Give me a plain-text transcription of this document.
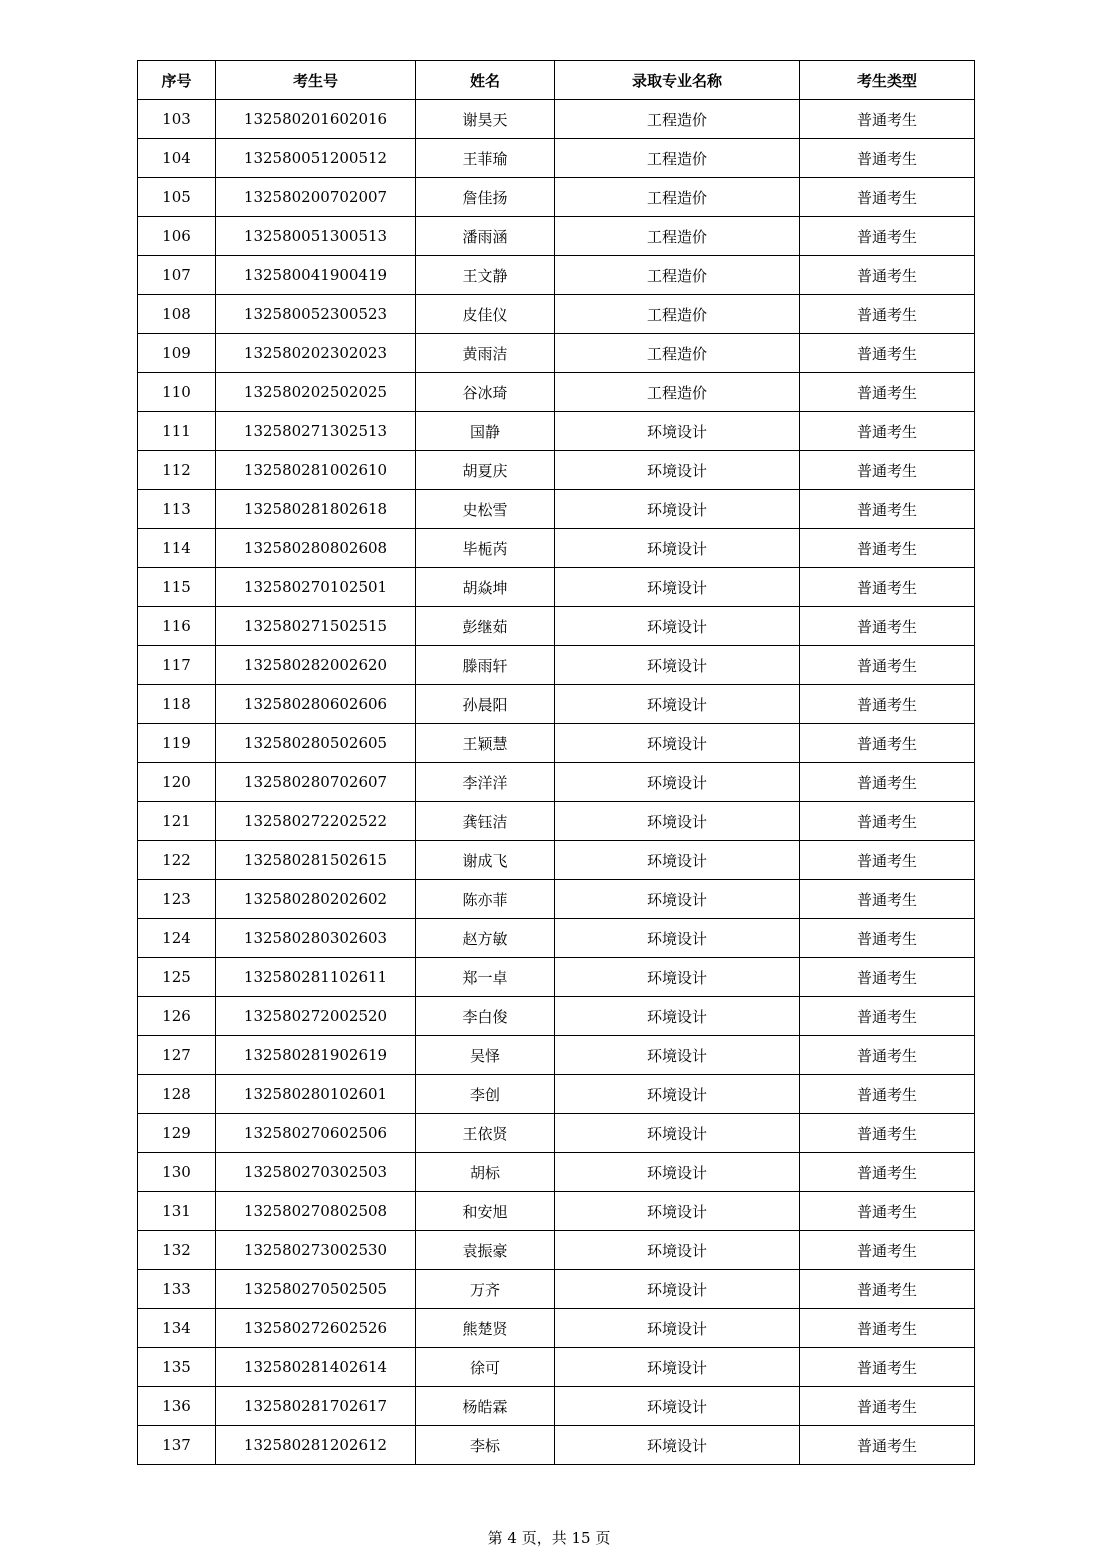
序号	考生号	姓名	录取专业名称	考生类型
103	132580201602016	谢昊天	工程造价	普通考生
104	132580051200512	王菲瑜	工程造价	普通考生
105	132580200702007	詹佳扬	工程造价	普通考生
106	132580051300513	潘雨涵	工程造价	普通考生
107	132580041900419	王文静	工程造价	普通考生
108	132580052300523	皮佳仪	工程造价	普通考生
109	132580202302023	黄雨洁	工程造价	普通考生
110	132580202502025	谷冰琦	工程造价	普通考生
111	132580271302513	国静	环境设计	普通考生
112	132580281002610	胡夏庆	环境设计	普通考生
113	132580281802618	史松雪	环境设计	普通考生
114	132580280802608	毕栀芮	环境设计	普通考生
115	132580270102501	胡焱坤	环境设计	普通考生
116	132580271502515	彭继茹	环境设计	普通考生
117	132580282002620	滕雨轩	环境设计	普通考生
118	132580280602606	孙晨阳	环境设计	普通考生
119	132580280502605	王颖慧	环境设计	普通考生
120	132580280702607	李洋洋	环境设计	普通考生
121	132580272202522	龚钰洁	环境设计	普通考生
122	132580281502615	谢成飞	环境设计	普通考生
123	132580280202602	陈亦菲	环境设计	普通考生
124	132580280302603	赵方敏	环境设计	普通考生
125	132580281102611	郑一卓	环境设计	普通考生
126	132580272002520	李白俊	环境设计	普通考生
127	132580281902619	吴怿	环境设计	普通考生
128	132580280102601	李创	环境设计	普通考生
129	132580270602506	王依贤	环境设计	普通考生
130	132580270302503	胡标	环境设计	普通考生
131	132580270802508	和安旭	环境设计	普通考生
132	132580273002530	袁振豪	环境设计	普通考生
133	132580270502505	万齐	环境设计	普通考生
134	132580272602526	熊楚贤	环境设计	普通考生
135	132580281402614	徐可	环境设计	普通考生
136	132580281702617	杨皓霖	环境设计	普通考生
137	132580281202612	李标	环境设计	普通考生
第 4 页，共 15 页
